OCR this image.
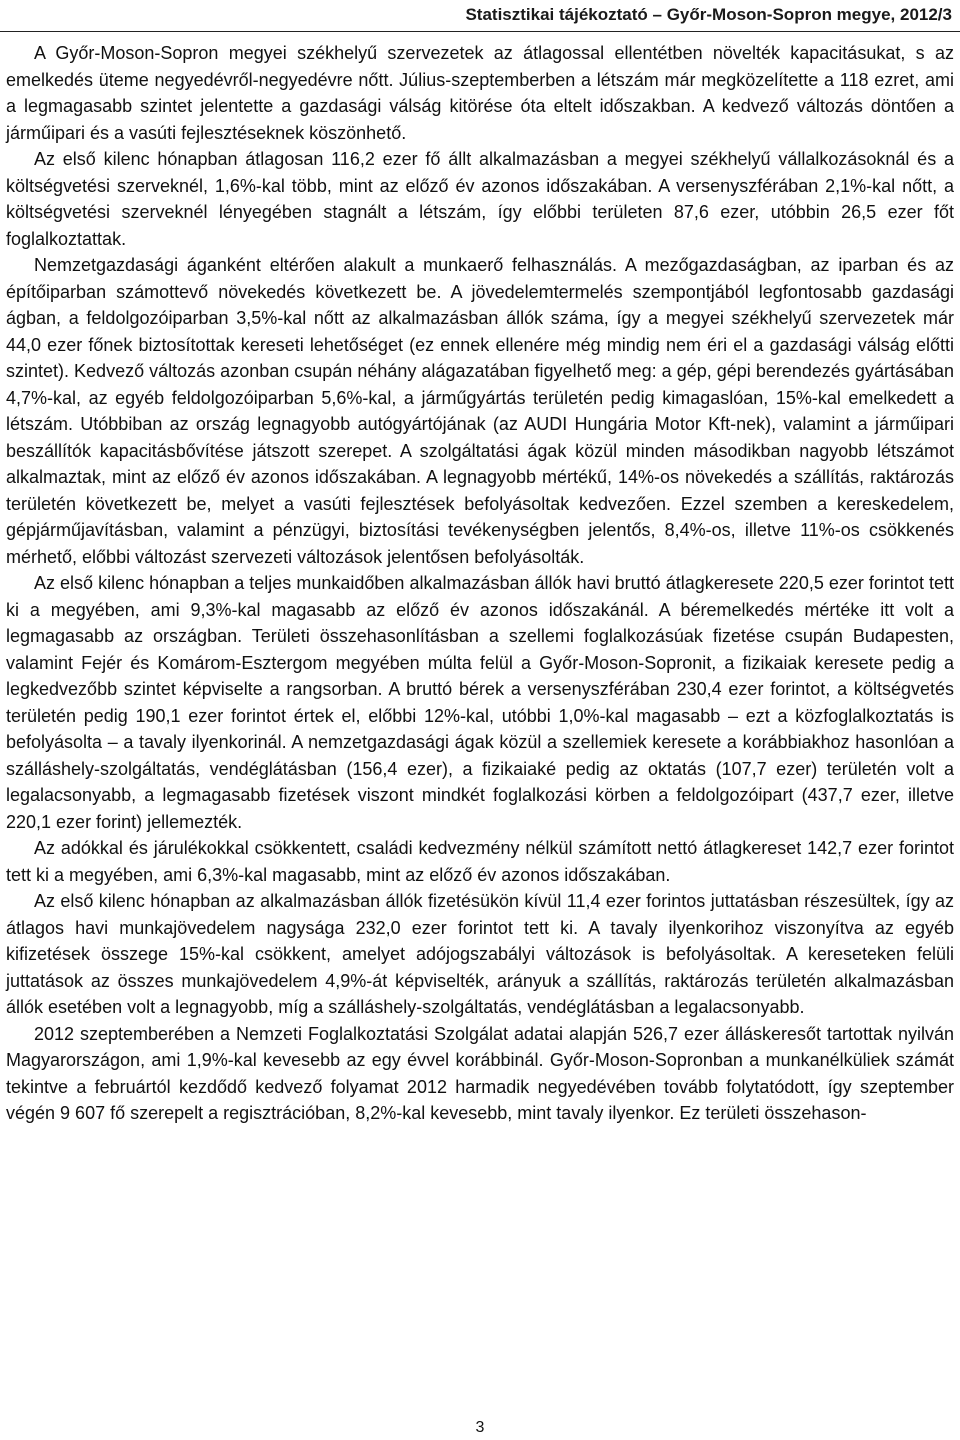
Statisztikai tájékoztató – Győr-Moson-Sopron megye, 2012/3

A Győr-Moson-Sopron megyei székhelyű szervezetek az átlagossal ellentétben növelték kapacitásukat, s az emelkedés üteme negyedévről-negyedévre nőtt. Július-szeptemberben a létszám már megközelítette a 118 ezret, ami a legmagasabb szintet jelentette a gazdasági válság kitörése óta eltelt időszakban. A kedvező változás döntően a járműipari és a vasúti fejlesztéseknek köszönhető.

Az első kilenc hónapban átlagosan 116,2 ezer fő állt alkalmazásban a megyei székhelyű vállalkozásoknál és a költségvetési szerveknél, 1,6%-kal több, mint az előző év azonos időszakában. A versenyszférában 2,1%-kal nőtt, a költségvetési szerveknél lényegében stagnált a létszám, így előbbi területen 87,6 ezer, utóbbin 26,5 ezer főt foglalkoztattak.

Nemzetgazdasági áganként eltérően alakult a munkaerő felhasználás. A mezőgazdaságban, az iparban és az építőiparban számottevő növekedés következett be. A jövedelemtermelés szempontjából legfontosabb gazdasági ágban, a feldolgozóiparban 3,5%-kal nőtt az alkalmazásban állók száma, így a megyei székhelyű szervezetek már 44,0 ezer főnek biztosítottak kereseti lehetőséget (ez ennek ellenére még mindig nem éri el a gazdasági válság előtti szintet). Kedvező változás azonban csupán néhány alágazatában figyelhető meg: a gép, gépi berendezés gyártásában 4,7%-kal, az egyéb feldolgozóiparban 5,6%-kal, a járműgyártás területén pedig kimagaslóan, 15%-kal emelkedett a létszám. Utóbbiban az ország legnagyobb autógyártójának (az AUDI Hungária Motor Kft-nek), valamint a járműipari beszállítók kapacitásbővítése játszott szerepet. A szolgáltatási ágak közül minden másodikban nagyobb létszámot alkalmaztak, mint az előző év azonos időszakában. A legnagyobb mértékű, 14%-os növekedés a szállítás, raktározás területén következett be, melyet a vasúti fejlesztések befolyásoltak kedvezően. Ezzel szemben a kereskedelem, gépjárműjavításban, valamint a pénzügyi, biztosítási tevékenységben jelentős, 8,4%-os, illetve 11%-os csökkenés mérhető, előbbi változást szervezeti változások jelentősen befolyásolták.

Az első kilenc hónapban a teljes munkaidőben alkalmazásban állók havi bruttó átlagkeresete 220,5 ezer forintot tett ki a megyében, ami 9,3%-kal magasabb az előző év azonos időszakánál. A béremelkedés mértéke itt volt a legmagasabb az országban. Területi összehasonlításban a szellemi foglalkozásúak fizetése csupán Budapesten, valamint Fejér és Komárom-Esztergom megyében múlta felül a Győr-Moson-Sopronit, a fizikaiak keresete pedig a legkedvezőbb szintet képviselte a rangsorban. A bruttó bérek a versenyszférában 230,4 ezer forintot, a költségvetés területén pedig 190,1 ezer forintot értek el, előbbi 12%-kal, utóbbi 1,0%-kal magasabb – ezt a közfoglalkoztatás is befolyásolta – a tavaly ilyenkorinál. A nemzetgazdasági ágak közül a szellemiek keresete a korábbiakhoz hasonlóan a szálláshely-szolgáltatás, vendéglátásban (156,4 ezer), a fizikaiaké pedig az oktatás (107,7 ezer) területén volt a legalacsonyabb, a legmagasabb fizetések viszont mindkét foglalkozási körben a feldolgozóipart (437,7 ezer, illetve 220,1 ezer forint) jellemezték.

Az adókkal és járulékokkal csökkentett, családi kedvezmény nélkül számított nettó átlagkereset 142,7 ezer forintot tett ki a megyében, ami 6,3%-kal magasabb, mint az előző év azonos időszakában.

Az első kilenc hónapban az alkalmazásban állók fizetésükön kívül 11,4 ezer forintos juttatásban részesültek, így az átlagos havi munkajövedelem nagysága 232,0 ezer forintot tett ki. A tavaly ilyenkorihoz viszonyítva az egyéb kifizetések összege 15%-kal csökkent, amelyet adójogszabályi változások is befolyásoltak. A kereseteken felüli juttatások az összes munkajövedelem 4,9%-át képviselték, arányuk a szállítás, raktározás területén alkalmazásban állók esetében volt a legnagyobb, míg a szálláshely-szolgáltatás, vendéglátásban a legalacsonyabb.

2012 szeptemberében a Nemzeti Foglalkoztatási Szolgálat adatai alapján 526,7 ezer álláskeresőt tartottak nyilván Magyarországon, ami 1,9%-kal kevesebb az egy évvel korábbinál. Győr-Moson-Sopronban a munkanélküliek számát tekintve a februártól kezdődő kedvező folyamat 2012 harmadik negyedévében tovább folytatódott, így szeptember végén 9 607 fő szerepelt a regisztrációban, 8,2%-kal kevesebb, mint tavaly ilyenkor. Ez területi összehason-

3
